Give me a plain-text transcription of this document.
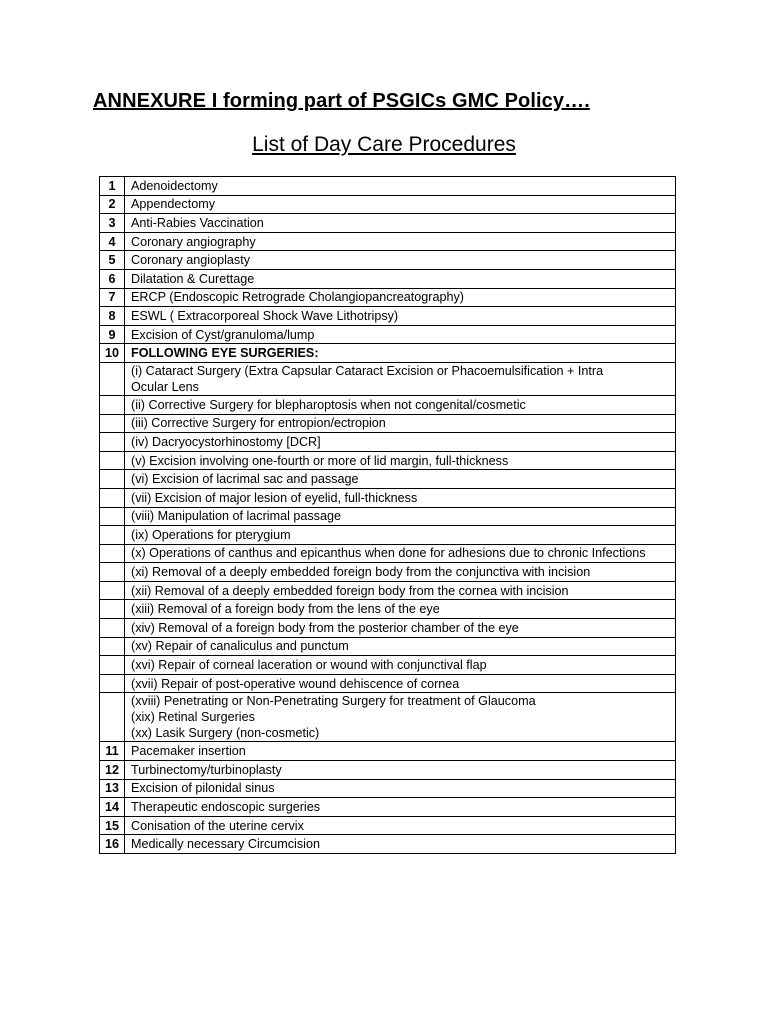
ANNEXURE I forming part of PSGICs GMC Policy….
List of Day Care Procedures
1	Adenoidectomy
2	Appendectomy
3	Anti-Rabies Vaccination
4	Coronary angiography
5	Coronary angioplasty
6	Dilatation & Curettage
7	ERCP (Endoscopic Retrograde Cholangiopancreatography)
8	ESWL ( Extracorporeal Shock Wave Lithotripsy)
9	Excision of Cyst/granuloma/lump
10	FOLLOWING EYE SURGERIES:

	(i) Cataract Surgery (Extra Capsular Cataract Excision or Phacoemulsification + Intra
Ocular Lens

	(ii) Corrective Surgery for blepharoptosis when not congenital/cosmetic
	(iii) Corrective Surgery for entropion/ectropion
	(iv) Dacryocystorhinostomy [DCR]
	(v) Excision involving one-fourth or more of lid margin, full-thickness
	(vi) Excision of lacrimal sac and passage
	(vii) Excision of major lesion of eyelid, full-thickness
	(viii) Manipulation of lacrimal passage
	(ix) Operations for pterygium
	(x) Operations of canthus and epicanthus when done for adhesions due to chronic Infections
	(xi) Removal of a deeply embedded foreign body from the conjunctiva with incision
	(xii) Removal of a deeply embedded foreign body from the cornea with incision
	(xiii) Removal of a foreign body from the lens of the eye
	(xiv) Removal of a foreign body from the posterior chamber of the eye
	(xv) Repair of canaliculus and punctum
	(xvi) Repair of corneal laceration or wound with conjunctival flap
	(xvii) Repair of post-operative wound dehiscence of cornea

	(xviii) Penetrating or Non-Penetrating Surgery for treatment of Glaucoma
(xix) Retinal Surgeries
(xx) Lasik Surgery (non-cosmetic)

11	Pacemaker insertion
12	Turbinectomy/turbinoplasty
13	Excision of pilonidal sinus
14	Therapeutic endoscopic surgeries
15	Conisation of the uterine cervix
16	Medically necessary Circumcision
